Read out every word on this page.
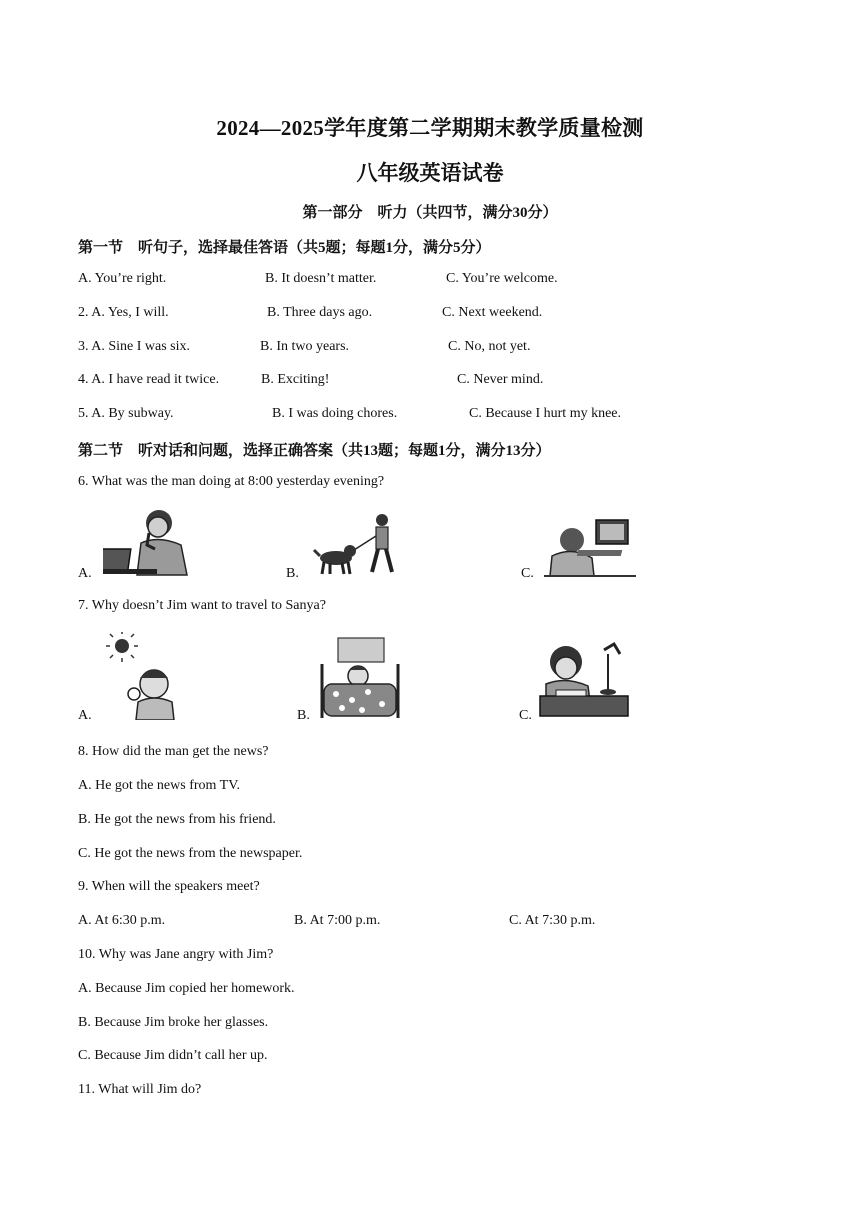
2024—2025学年度第二学期期末教学质量检测
八年级英语试卷
第一部分　听力（共四节，满分30分）
第一节　听句子，选择最佳答语（共5题；每题1分，满分5分）
A. You’re right.	B. It doesn’t matter.	C. You’re welcome.
2. A. Yes, I will.	B. Three days ago.	C. Next weekend.
3. A. Sine I was six.	B. In two years.	C. No, not yet.
4. A. I have read it twice.	B. Exciting!	C. Never mind.
5. A. By subway.	B. I was doing chores.	C. Because I hurt my knee.
第二节　听对话和问题，选择正确答案（共13题；每题1分，满分13分）
6. What was the man doing at 8:00 yesterday evening?
A.	B.	C.
7. Why doesn’t Jim want to travel to Sanya?
A.	B.	C.
8. How did the man get the news?
A. He got the news from TV.
B. He got the news from his friend.
C. He got the news from the newspaper.
9. When will the speakers meet?
A. At 6:30 p.m.	B. At 7:00 p.m.	C. At 7:30 p.m.
10. Why was Jane angry with Jim?
A. Because Jim copied her homework.
B. Because Jim broke her glasses.
C. Because Jim didn’t call her up.
11. What will Jim do?
